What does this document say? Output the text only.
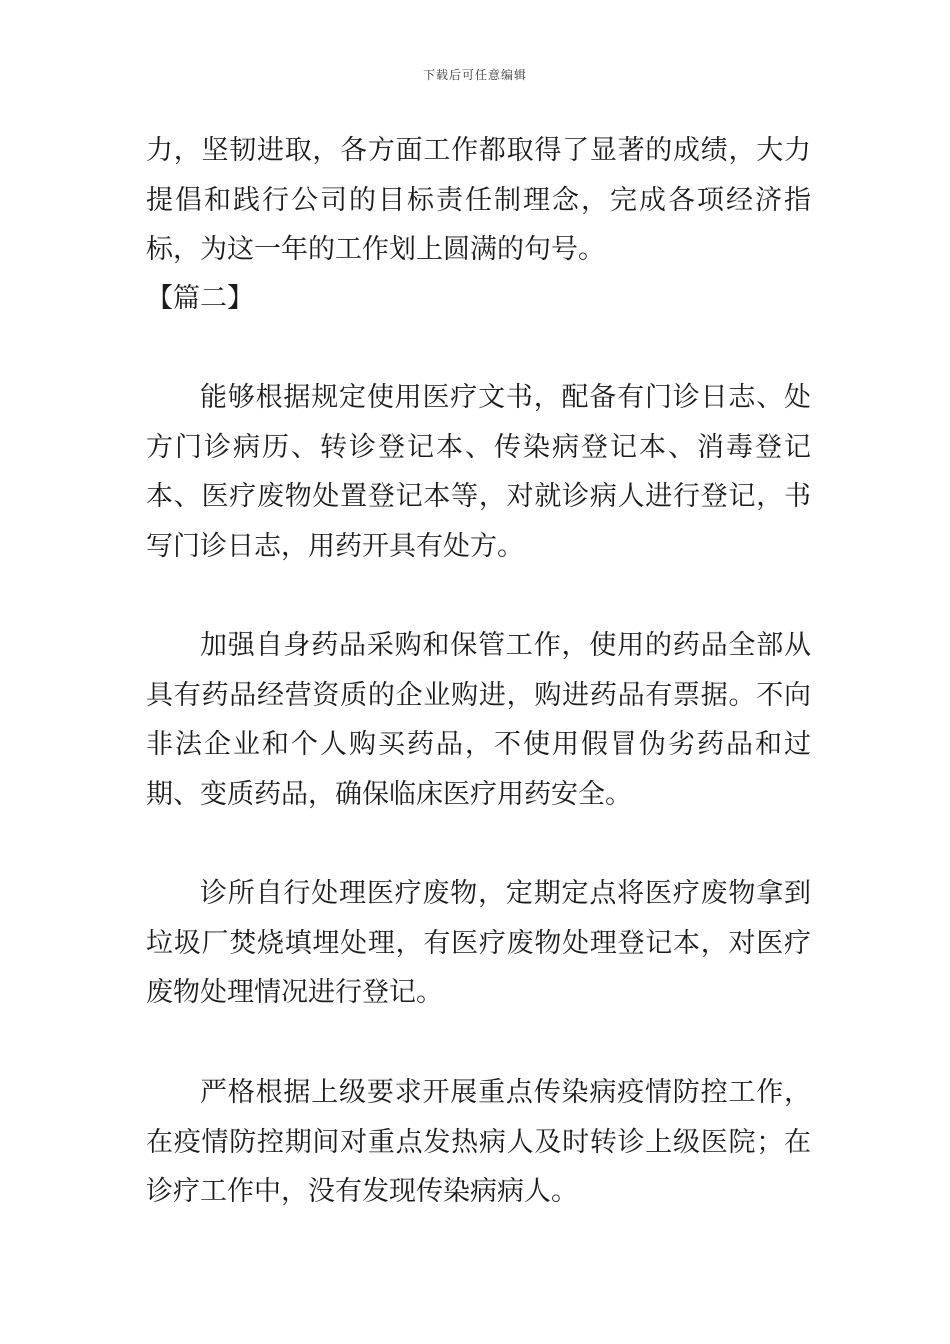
下载后可任意编辑

力，坚韧进取，各方面工作都取得了显著的成绩，大力提倡和践行公司的目标责任制理念，完成各项经济指标，为这一年的工作划上圆满的句号。

【篇二】

能够根据规定使用医疗文书，配备有门诊日志、处方门诊病历、转诊登记本、传染病登记本、消毒登记本、医疗废物处置登记本等，对就诊病人进行登记，书写门诊日志，用药开具有处方。

加强自身药品采购和保管工作，使用的药品全部从具有药品经营资质的企业购进，购进药品有票据。不向非法企业和个人购买药品，不使用假冒伪劣药品和过期、变质药品，确保临床医疗用药安全。

诊所自行处理医疗废物，定期定点将医疗废物拿到垃圾厂焚烧填埋处理，有医疗废物处理登记本，对医疗废物处理情况进行登记。

严格根据上级要求开展重点传染病疫情防控工作，在疫情防控期间对重点发热病人及时转诊上级医院；在诊疗工作中，没有发现传染病病人。
